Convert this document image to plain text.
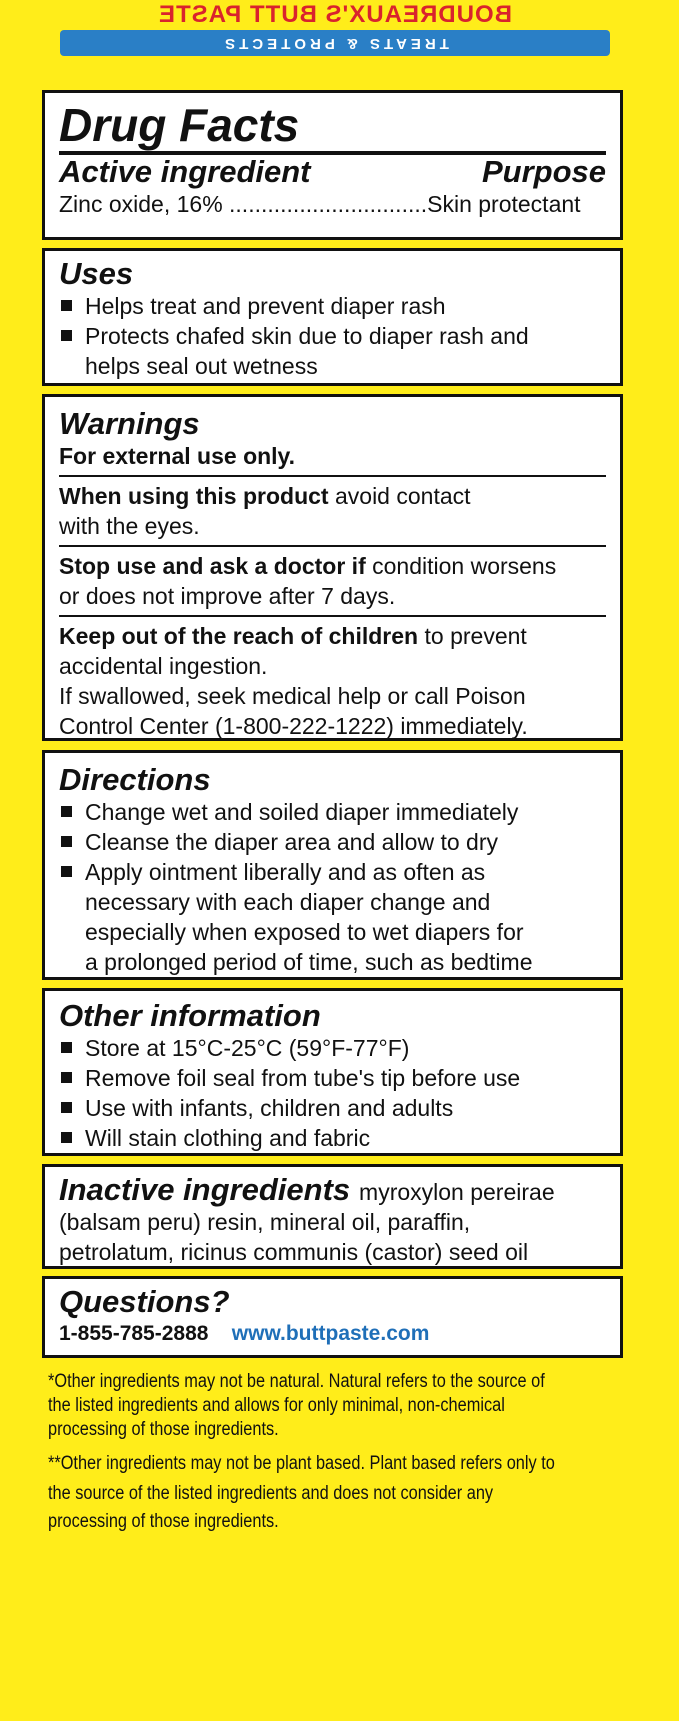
BOUDREAUX'S BUTT PASTE
TREATS & PROTECTS
Drug Facts
Active ingredient	Purpose
Zinc oxide, 16% ...............................Skin protectant
Uses
Helps treat and prevent diaper rash
Protects chafed skin due to diaper rash and
helps seal out wetness
Warnings
For external use only.
When using this product avoid contact
with the eyes.
Stop use and ask a doctor if condition worsens
or does not improve after 7 days.
Keep out of the reach of children to prevent
accidental ingestion.
If swallowed, seek medical help or call Poison
Control Center (1-800-222-1222) immediately.
Directions
Change wet and soiled diaper immediately
Cleanse the diaper area and allow to dry
Apply ointment liberally and as often as
necessary with each diaper change and
especially when exposed to wet diapers for
a prolonged period of time, such as bedtime
Other information
Store at 15°C-25°C (59°F-77°F)
Remove foil seal from tube's tip before use
Use with infants, children and adults
Will stain clothing and fabric
Inactive ingredients myroxylon pereirae
(balsam peru) resin, mineral oil, paraffin,
petrolatum, ricinus communis (castor) seed oil
Questions?
1-855-785-2888 www.buttpaste.com
*Other ingredients may not be natural. Natural refers to the source of
the listed ingredients and allows for only minimal, non-chemical
processing of those ingredients.
**Other ingredients may not be plant based. Plant based refers only to
the source of the listed ingredients and does not consider any
processing of those ingredients.
